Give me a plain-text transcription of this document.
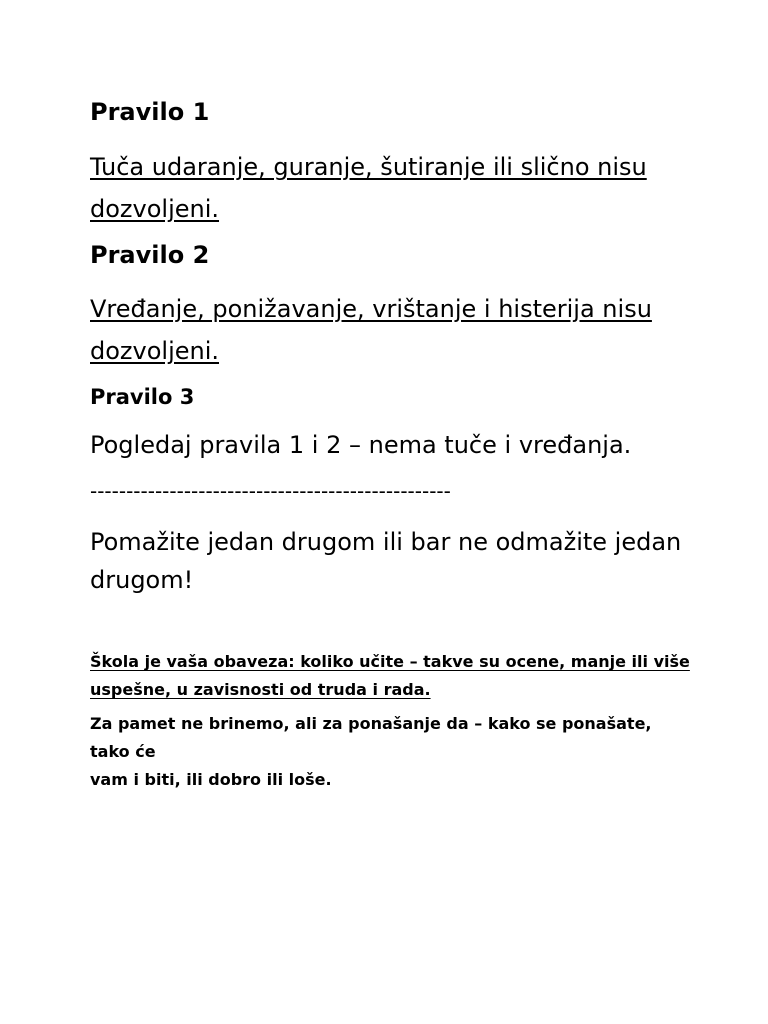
Pravilo 1
Tuča udaranje, guranje, šutiranje ili slično nisu
dozvoljeni.
Pravilo 2
Vređanje, ponižavanje, vrištanje i histerija nisu
dozvoljeni.
Pravilo 3
Pogledaj pravila 1 i 2 – nema tuče i vređanja.
--------------------------------------------------
Pomažite jedan drugom ili bar ne odmažite jedan
drugom!
Škola je vaša obaveza: koliko učite – takve su ocene, manje ili više
uspešne, u zavisnosti od truda i rada.
Za pamet ne brinemo, ali za ponašanje da – kako se ponašate, tako će
vam i biti, ili dobro ili loše.
